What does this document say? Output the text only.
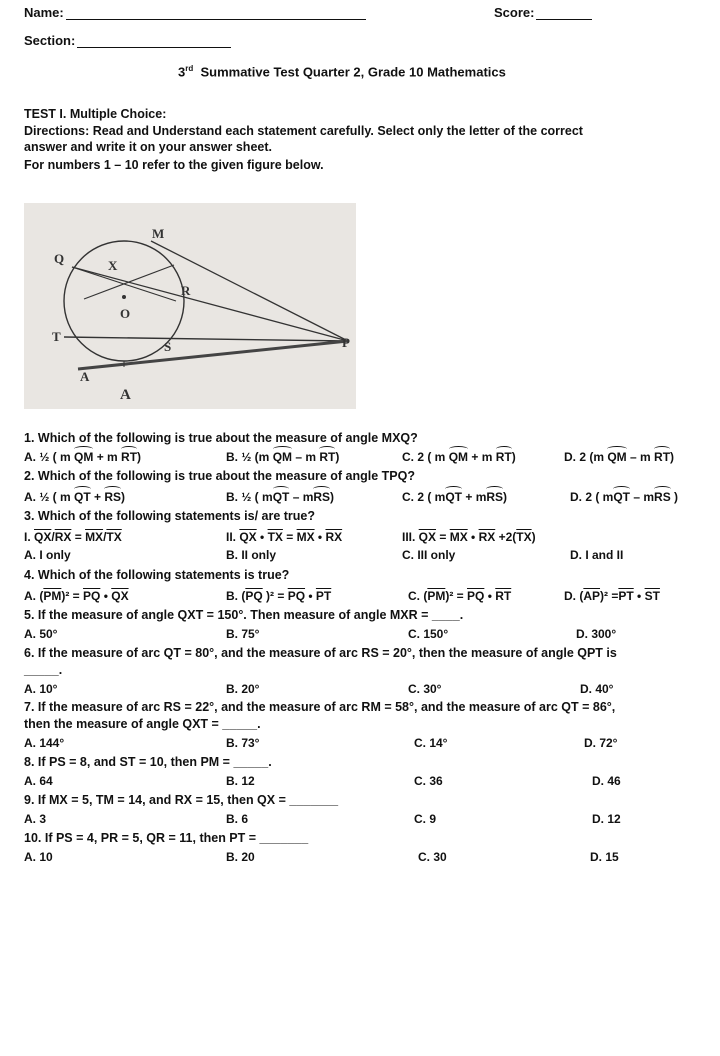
Name:	Score:
Section:
3rd Summative Test Quarter 2, Grade 10 Mathematics
TEST I. Multiple Choice:
Directions: Read and Understand each statement carefully. Select only the letter of the correct
answer and write it on your answer sheet.
For numbers 1 – 10 refer to the given figure below.
M
Q	X
R
O
T
S	P
A
A
1. Which of the following is true about the measure of angle MXQ?
A. ½ ( m QM + m RT)	B. ½ (m QM – m RT)	C. 2 ( m QM + m RT)	D. 2 (m QM – m RT)
2. Which of the following is true about the measure of angle TPQ?
A. ½ ( m QT + RS)	B. ½ ( mQT – mRS)	C. 2 ( mQT + mRS)	D. 2 ( mQT – mRS )
3. Which of the following statements is/ are true?
I. $\overline{QX}/\overline{RX} = \overline{MX}/\overline{TX}$	II. $\overline{QX}$ • $\overline{TX} = \overline{MX}$ • $\overline{RX}$	III. $\overline{QX} = \overline{MX}$ • $\overline{RX} +2(\overline{TX})$
A. I only	B. II only	C. III only	D. I and II
4. Which of the following statements is true?
A. $(\overline{PM})^2 = \overline{PQ}$ • $\overline{QX}$	B. ($\overline{PQ}$ )$^2 = \overline{PQ}$ • $\overline{PT}$	C. $(\overline{PM})^2 = \overline{PQ}$ • $\overline{RT}$	D. $(\overline{AP})^2 =\overline{PT}$ • $\overline{ST}$
5. If the measure of angle QXT = 150°. Then measure of angle MXR = ____.
A. 50°	B. 75°	C. 150°	D. 300°
6. If the measure of arc QT = 80°, and the measure of arc RS = 20°, then the measure of angle QPT is
_____.
A. 10°	B. 20°	C. 30°	D. 40°
7. If the measure of arc RS = 22°, and the measure of arc RM = 58°, and the measure of arc QT = 86°,
then the measure of angle QXT = _____.
A. 144°	B. 73°	C. 14°	D. 72°
8. If PS = 8, and ST = 10, then PM = _____.
A. 64	B. 12	C. 36	D. 46
9. If MX = 5, TM = 14, and RX = 15, then QX = _______
A. 3	B. 6	C. 9	D. 12
10. If PS = 4, PR = 5, QR = 11, then PT = _______
A. 10	B. 20	C. 30	D. 15
